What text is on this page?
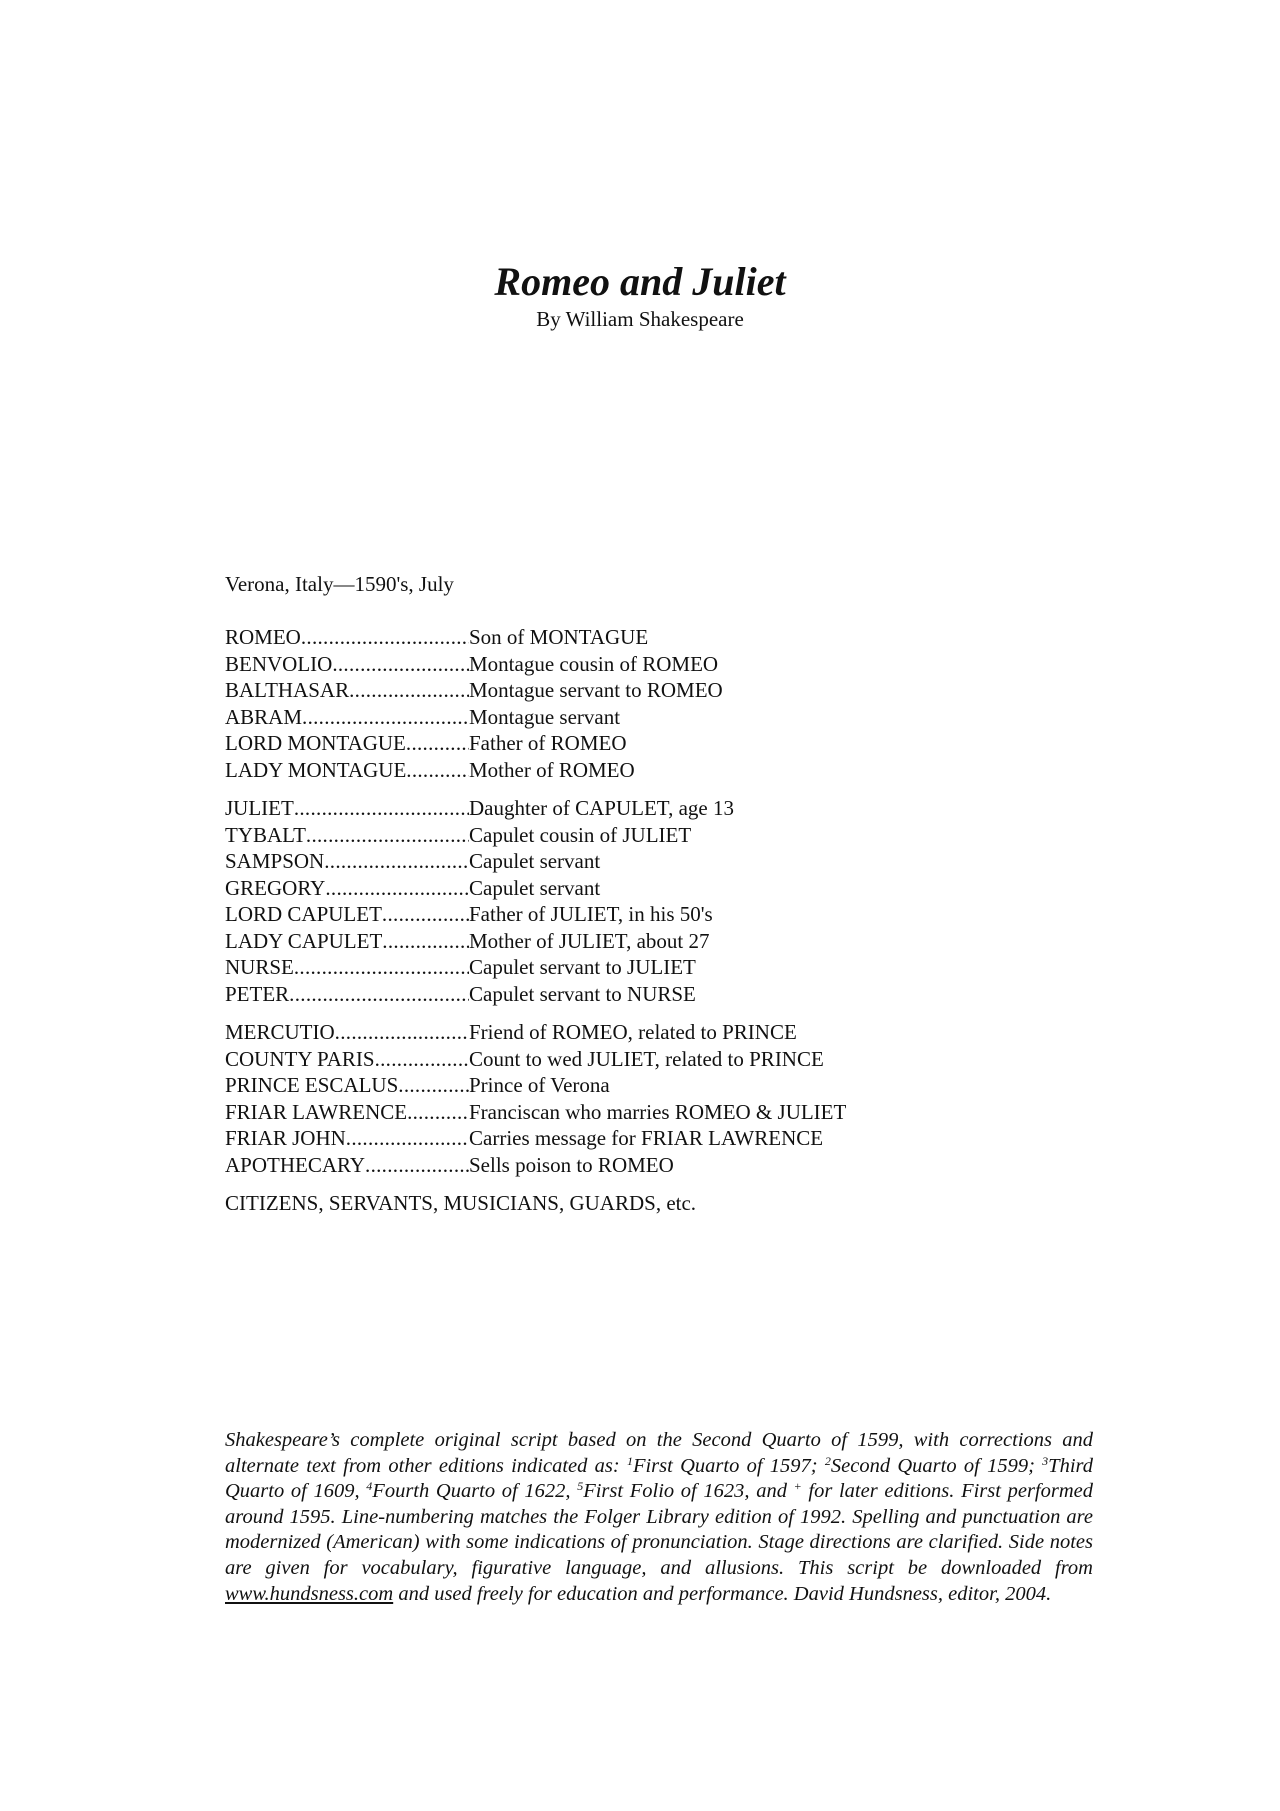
Romeo and Juliet
By William Shakespeare
Verona, Italy—1590's, July
ROMEO .....	Son of MONTAGUE
BENVOLIO .....	Montague cousin of ROMEO
BALTHASAR .....	Montague servant to ROMEO
ABRAM .....	Montague servant
LORD MONTAGUE .....	Father of ROMEO
LADY MONTAGUE .....	Mother of ROMEO
JULIET .....	Daughter of CAPULET, age 13
TYBALT .....	Capulet cousin of JULIET
SAMPSON .....	Capulet servant
GREGORY .....	Capulet servant
LORD CAPULET .....	Father of JULIET, in his 50's
LADY CAPULET .....	Mother of JULIET, about 27
NURSE .....	Capulet servant to JULIET
PETER .....	Capulet servant to NURSE
MERCUTIO .....	Friend of ROMEO, related to PRINCE
COUNTY PARIS .....	Count to wed JULIET, related to PRINCE
PRINCE ESCALUS .....	Prince of Verona
FRIAR LAWRENCE .....	Franciscan who marries ROMEO & JULIET
FRIAR JOHN .....	Carries message for FRIAR LAWRENCE
APOTHECARY .....	Sells poison to ROMEO
CITIZENS, SERVANTS, MUSICIANS, GUARDS, etc.

Shakespeare’s complete original script based on the Second Quarto of 1599, with corrections and alternate text from other editions indicated as: $^1$First Quarto of 1597; $^2$Second Quarto of 1599; $^3$Third Quarto of 1609, $^4$Fourth Quarto of 1622, $^5$First Folio of 1623, and + for later editions. First performed around 1595. Line-numbering matches the Folger Library edition of 1992. Spelling and punctuation are modernized (American) with some indications of pronunciation. Stage directions are clarified. Side notes are given for vocabulary, figurative language, and allusions. This script be downloaded from www.hundsness.com and used freely for education and performance. David Hundsness, editor, 2004.
